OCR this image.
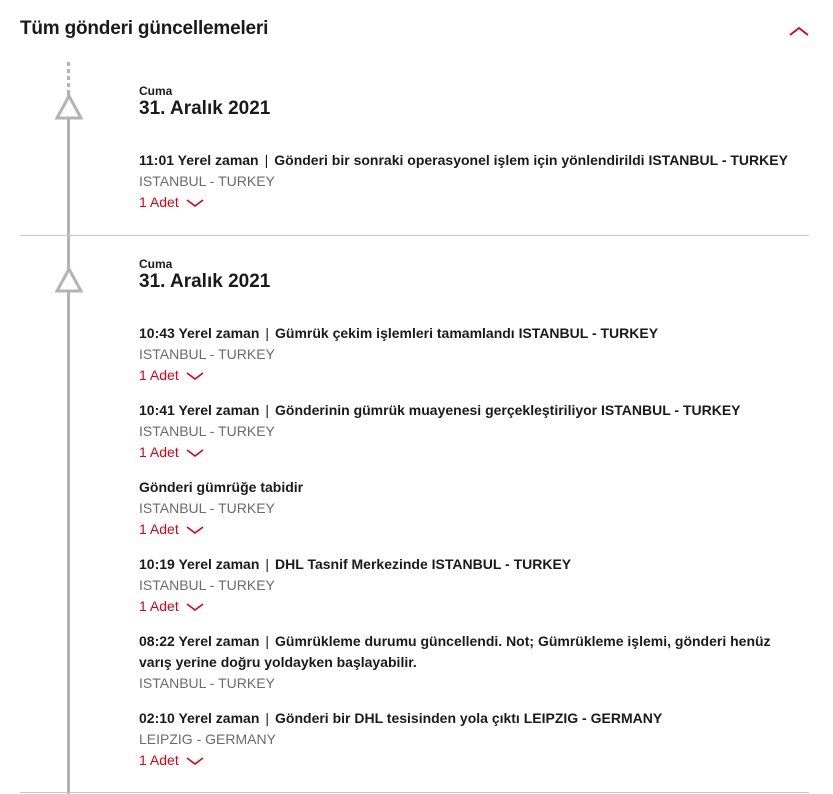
Tüm gönderi güncellemeleri
Cuma
31. Aralık 2021
11:01 Yerel zaman | Gönderi bir sonraki operasyonel işlem için yönlendirildi ISTANBUL - TURKEY
ISTANBUL - TURKEY
1 Adet
Cuma
31. Aralık 2021
10:43 Yerel zaman | Gümrük çekim işlemleri tamamlandı ISTANBUL - TURKEY
ISTANBUL - TURKEY
1 Adet
10:41 Yerel zaman | Gönderinin gümrük muayenesi gerçekleştiriliyor ISTANBUL - TURKEY
ISTANBUL - TURKEY
1 Adet
Gönderi gümrüğe tabidir
ISTANBUL - TURKEY
1 Adet
10:19 Yerel zaman | DHL Tasnif Merkezinde ISTANBUL - TURKEY
ISTANBUL - TURKEY
1 Adet
08:22 Yerel zaman | Gümrükleme durumu güncellendi. Not; Gümrükleme işlemi, gönderi henüz varış yerine doğru yoldayken başlayabilir.
ISTANBUL - TURKEY
02:10 Yerel zaman | Gönderi bir DHL tesisinden yola çıktı LEIPZIG - GERMANY
LEIPZIG - GERMANY
1 Adet
